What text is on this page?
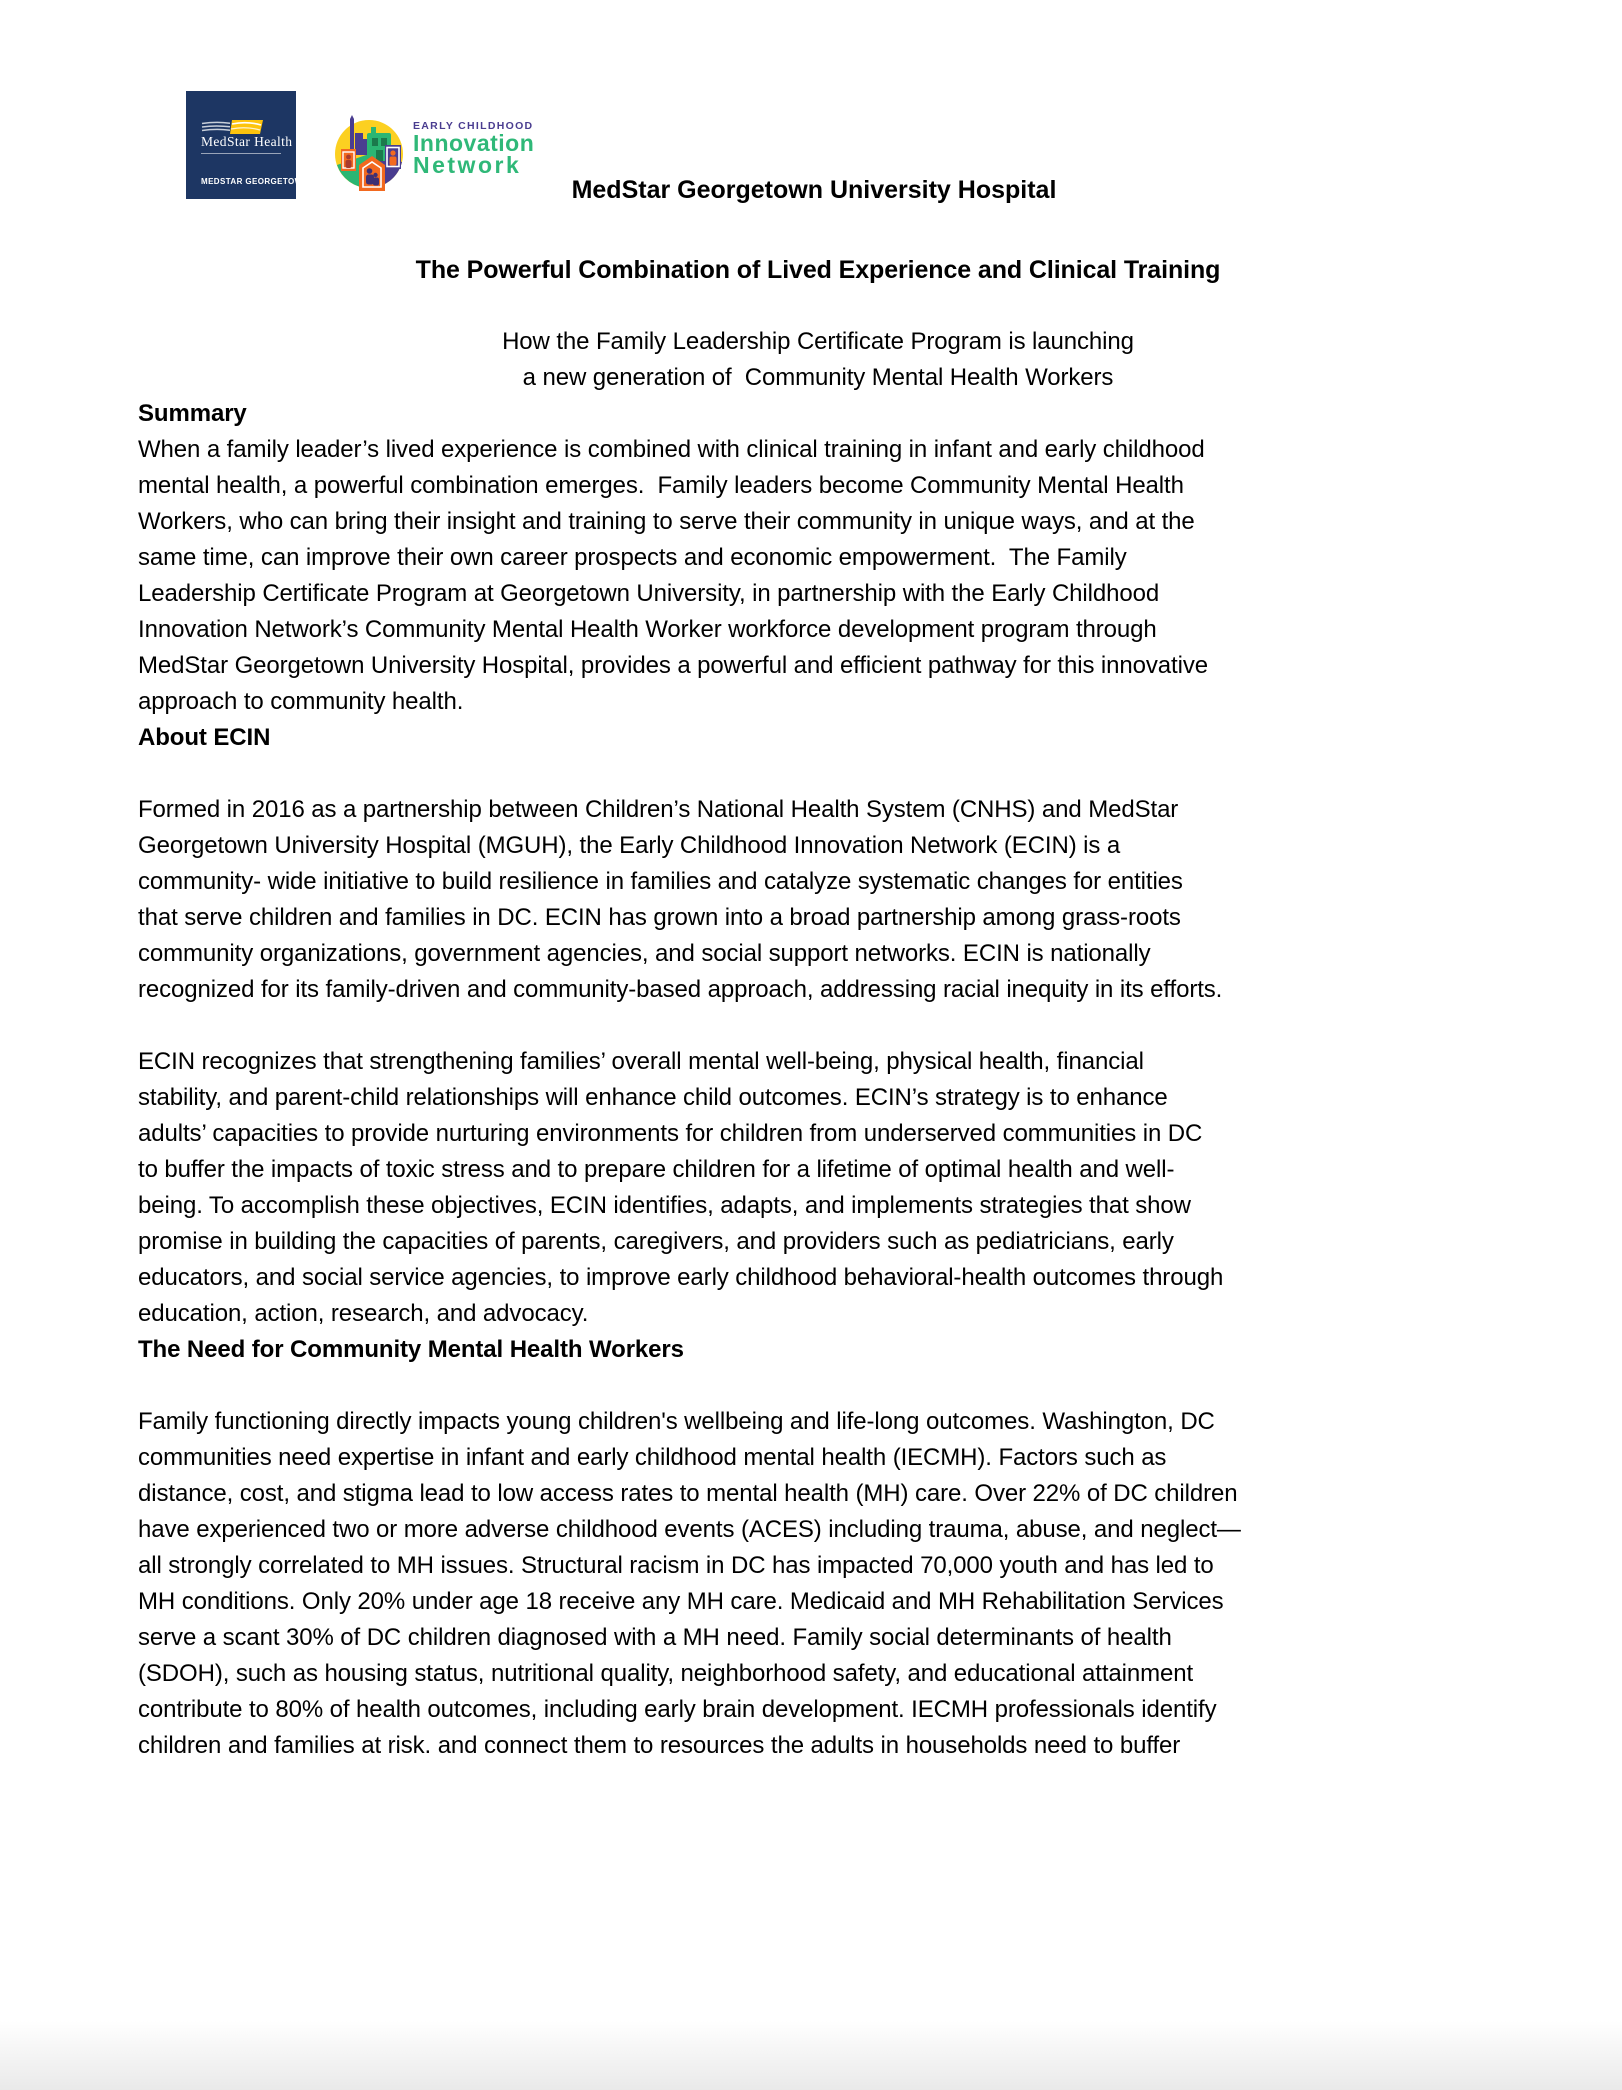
MedStar Health

MEDSTAR GEORGETOWN

UNIVERSITY HOSPITAL

EARLY CHILDHOOD
Innovation
Network
MedStar Georgetown University Hospital
The Powerful Combination of Lived Experience and Clinical Training
How the Family Leadership Certificate Program is launching
a new generation of  Community Mental Health Workers
Summary
When a family leader’s lived experience is combined with clinical training in infant and early childhood
mental health, a powerful combination emerges.  Family leaders become Community Mental Health
Workers, who can bring their insight and training to serve their community in unique ways, and at the
same time, can improve their own career prospects and economic empowerment.  The Family
Leadership Certificate Program at Georgetown University, in partnership with the Early Childhood
Innovation Network’s Community Mental Health Worker workforce development program through
MedStar Georgetown University Hospital, provides a powerful and efficient pathway for this innovative
approach to community health.
About ECIN
Formed in 2016 as a partnership between Children’s National Health System (CNHS) and MedStar
Georgetown University Hospital (MGUH), the Early Childhood Innovation Network (ECIN) is a
community- wide initiative to build resilience in families and catalyze systematic changes for entities
that serve children and families in DC. ECIN has grown into a broad partnership among grass-roots
community organizations, government agencies, and social support networks. ECIN is nationally
recognized for its family-driven and community-based approach, addressing racial inequity in its efforts.
ECIN recognizes that strengthening families’ overall mental well-being, physical health, financial
stability, and parent-child relationships will enhance child outcomes. ECIN’s strategy is to enhance
adults’ capacities to provide nurturing environments for children from underserved communities in DC
to buffer the impacts of toxic stress and to prepare children for a lifetime of optimal health and well-
being. To accomplish these objectives, ECIN identifies, adapts, and implements strategies that show
promise in building the capacities of parents, caregivers, and providers such as pediatricians, early
educators, and social service agencies, to improve early childhood behavioral-health outcomes through
education, action, research, and advocacy.
The Need for Community Mental Health Workers
Family functioning directly impacts young children's wellbeing and life-long outcomes. Washington, DC
communities need expertise in infant and early childhood mental health (IECMH). Factors such as
distance, cost, and stigma lead to low access rates to mental health (MH) care. Over 22% of DC children
have experienced two or more adverse childhood events (ACES) including trauma, abuse, and neglect—
all strongly correlated to MH issues. Structural racism in DC has impacted 70,000 youth and has led to
MH conditions. Only 20% under age 18 receive any MH care. Medicaid and MH Rehabilitation Services
serve a scant 30% of DC children diagnosed with a MH need. Family social determinants of health
(SDOH), such as housing status, nutritional quality, neighborhood safety, and educational attainment
contribute to 80% of health outcomes, including early brain development. IECMH professionals identify
children and families at risk. and connect them to resources the adults in households need to buffer
